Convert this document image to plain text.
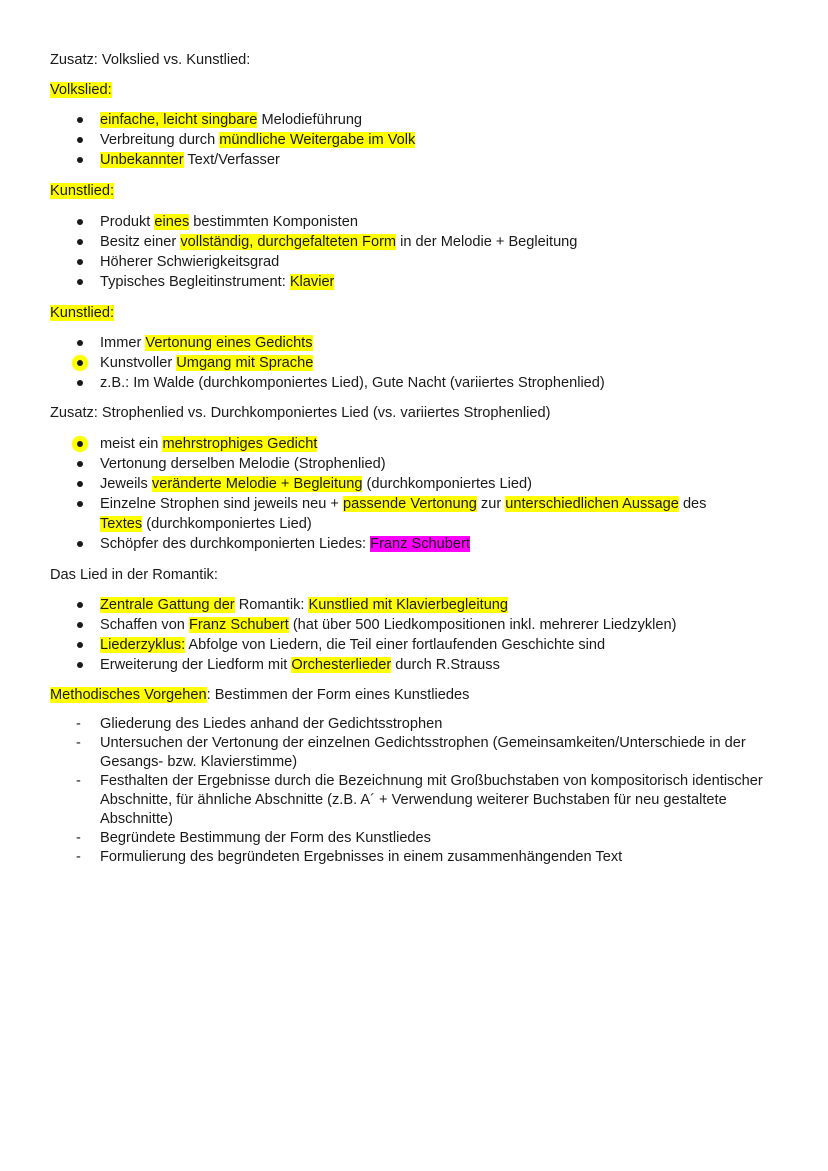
Zusatz: Volkslied vs. Kunstlied:

Volkslied:

einfache, leicht singbare Melodieführung
Verbreitung durch mündliche Weitergabe im Volk
Unbekannter Text/Verfasser

Kunstlied:

Produkt eines bestimmten Komponisten
Besitz einer vollständig, durchgefalteten Form in der Melodie + Begleitung
Höherer Schwierigkeitsgrad
Typisches Begleitinstrument: Klavier

Kunstlied:

Immer Vertonung eines Gedichts
Kunstvoller Umgang mit Sprache
z.B.: Im Walde (durchkomponiertes Lied), Gute Nacht (variiertes Strophenlied)

Zusatz: Strophenlied vs. Durchkomponiertes Lied (vs. variiertes Strophenlied)

meist ein mehrstrophiges Gedicht
Vertonung derselben Melodie (Strophenlied)
Jeweils veränderte Melodie + Begleitung (durchkomponiertes Lied)
Einzelne Strophen sind jeweils neu + passende Vertonung zur unterschiedlichen Aussage des
Textes (durchkomponiertes Lied)
Schöpfer des durchkomponierten Liedes: Franz Schubert

Das Lied in der Romantik:

Zentrale Gattung der Romantik: Kunstlied mit Klavierbegleitung
Schaffen von Franz Schubert (hat über 500 Liedkompositionen inkl. mehrerer Liedzyklen)
Liederzyklus: Abfolge von Liedern, die Teil einer fortlaufenden Geschichte sind
Erweiterung der Liedform mit Orchesterlieder durch R.Strauss

Methodisches Vorgehen: Bestimmen der Form eines Kunstliedes

- Gliederung des Liedes anhand der Gedichtsstrophen
- Untersuchen der Vertonung der einzelnen Gedichtsstrophen (Gemeinsamkeiten/Unterschiede in der Gesangs- bzw. Klavierstimme)
- Festhalten der Ergebnisse durch die Bezeichnung mit Großbuchstaben von kompositorisch identischer Abschnitte, für ähnliche Abschnitte (z.B. A´ + Verwendung weiterer Buchstaben für neu gestaltete Abschnitte)
- Begründete Bestimmung der Form des Kunstliedes
- Formulierung des begründeten Ergebnisses in einem zusammenhängenden Text
